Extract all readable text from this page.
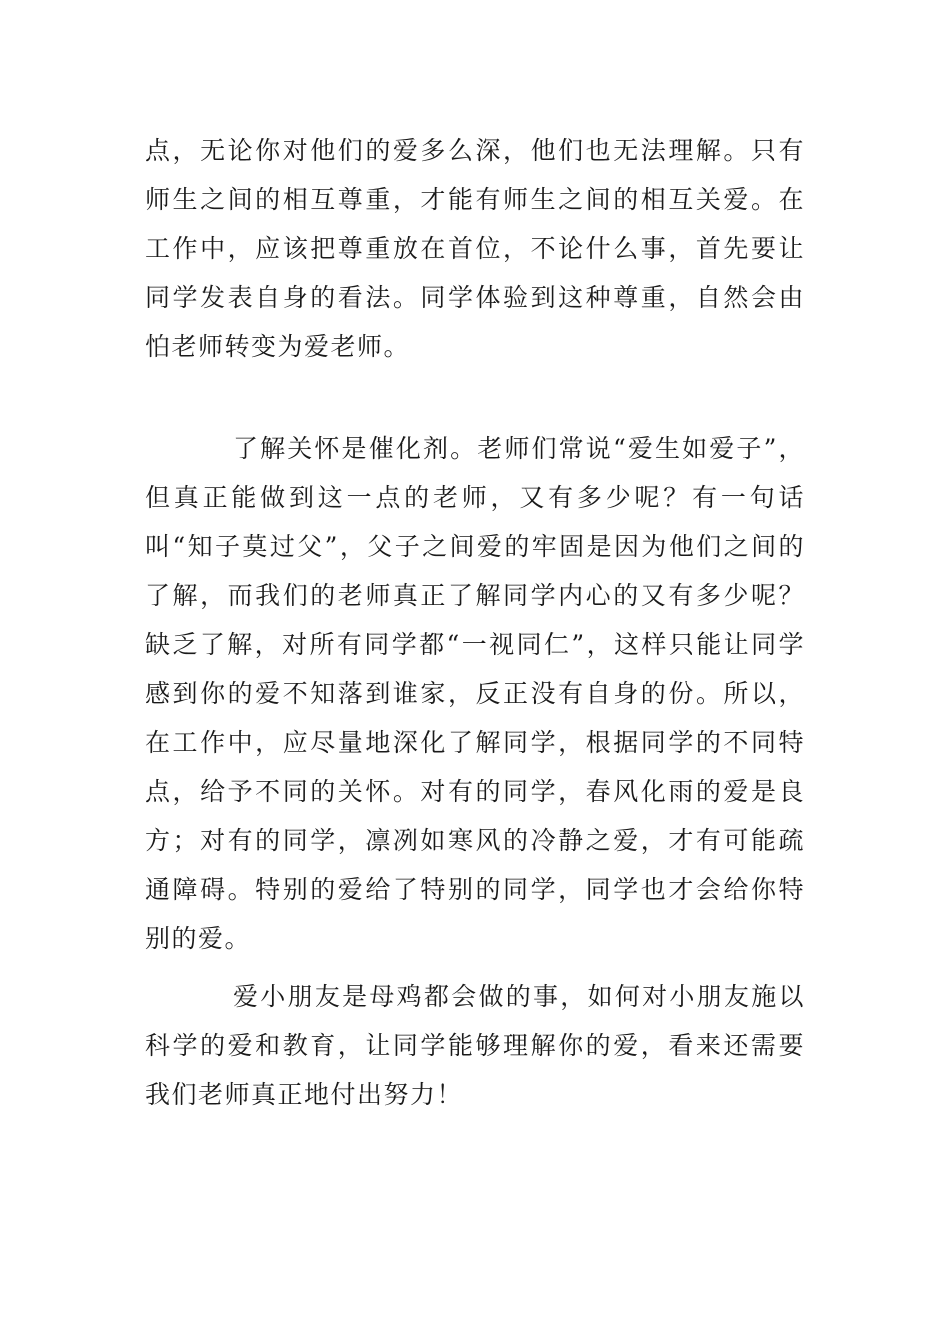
点，无论你对他们的爱多么深，他们也无法理解。只有师生之间的相互尊重，才能有师生之间的相互关爱。在工作中，应该把尊重放在首位，不论什么事，首先要让同学发表自身的看法。同学体验到这种尊重，自然会由怕老师转变为爱老师。

了解关怀是催化剂。老师们常说“爱生如爱子”，但真正能做到这一点的老师，又有多少呢？有一句话叫“知子莫过父”，父子之间爱的牢固是因为他们之间的了解，而我们的老师真正了解同学内心的又有多少呢？缺乏了解，对所有同学都“一视同仁”，这样只能让同学感到你的爱不知落到谁家，反正没有自身的份。所以，在工作中，应尽量地深化了解同学，根据同学的不同特点，给予不同的关怀。对有的同学，春风化雨的爱是良方；对有的同学，凛冽如寒风的冷静之爱，才有可能疏通障碍。特别的爱给了特别的同学，同学也才会给你特别的爱。

爱小朋友是母鸡都会做的事，如何对小朋友施以科学的爱和教育，让同学能够理解你的爱，看来还需要我们老师真正地付出努力！
